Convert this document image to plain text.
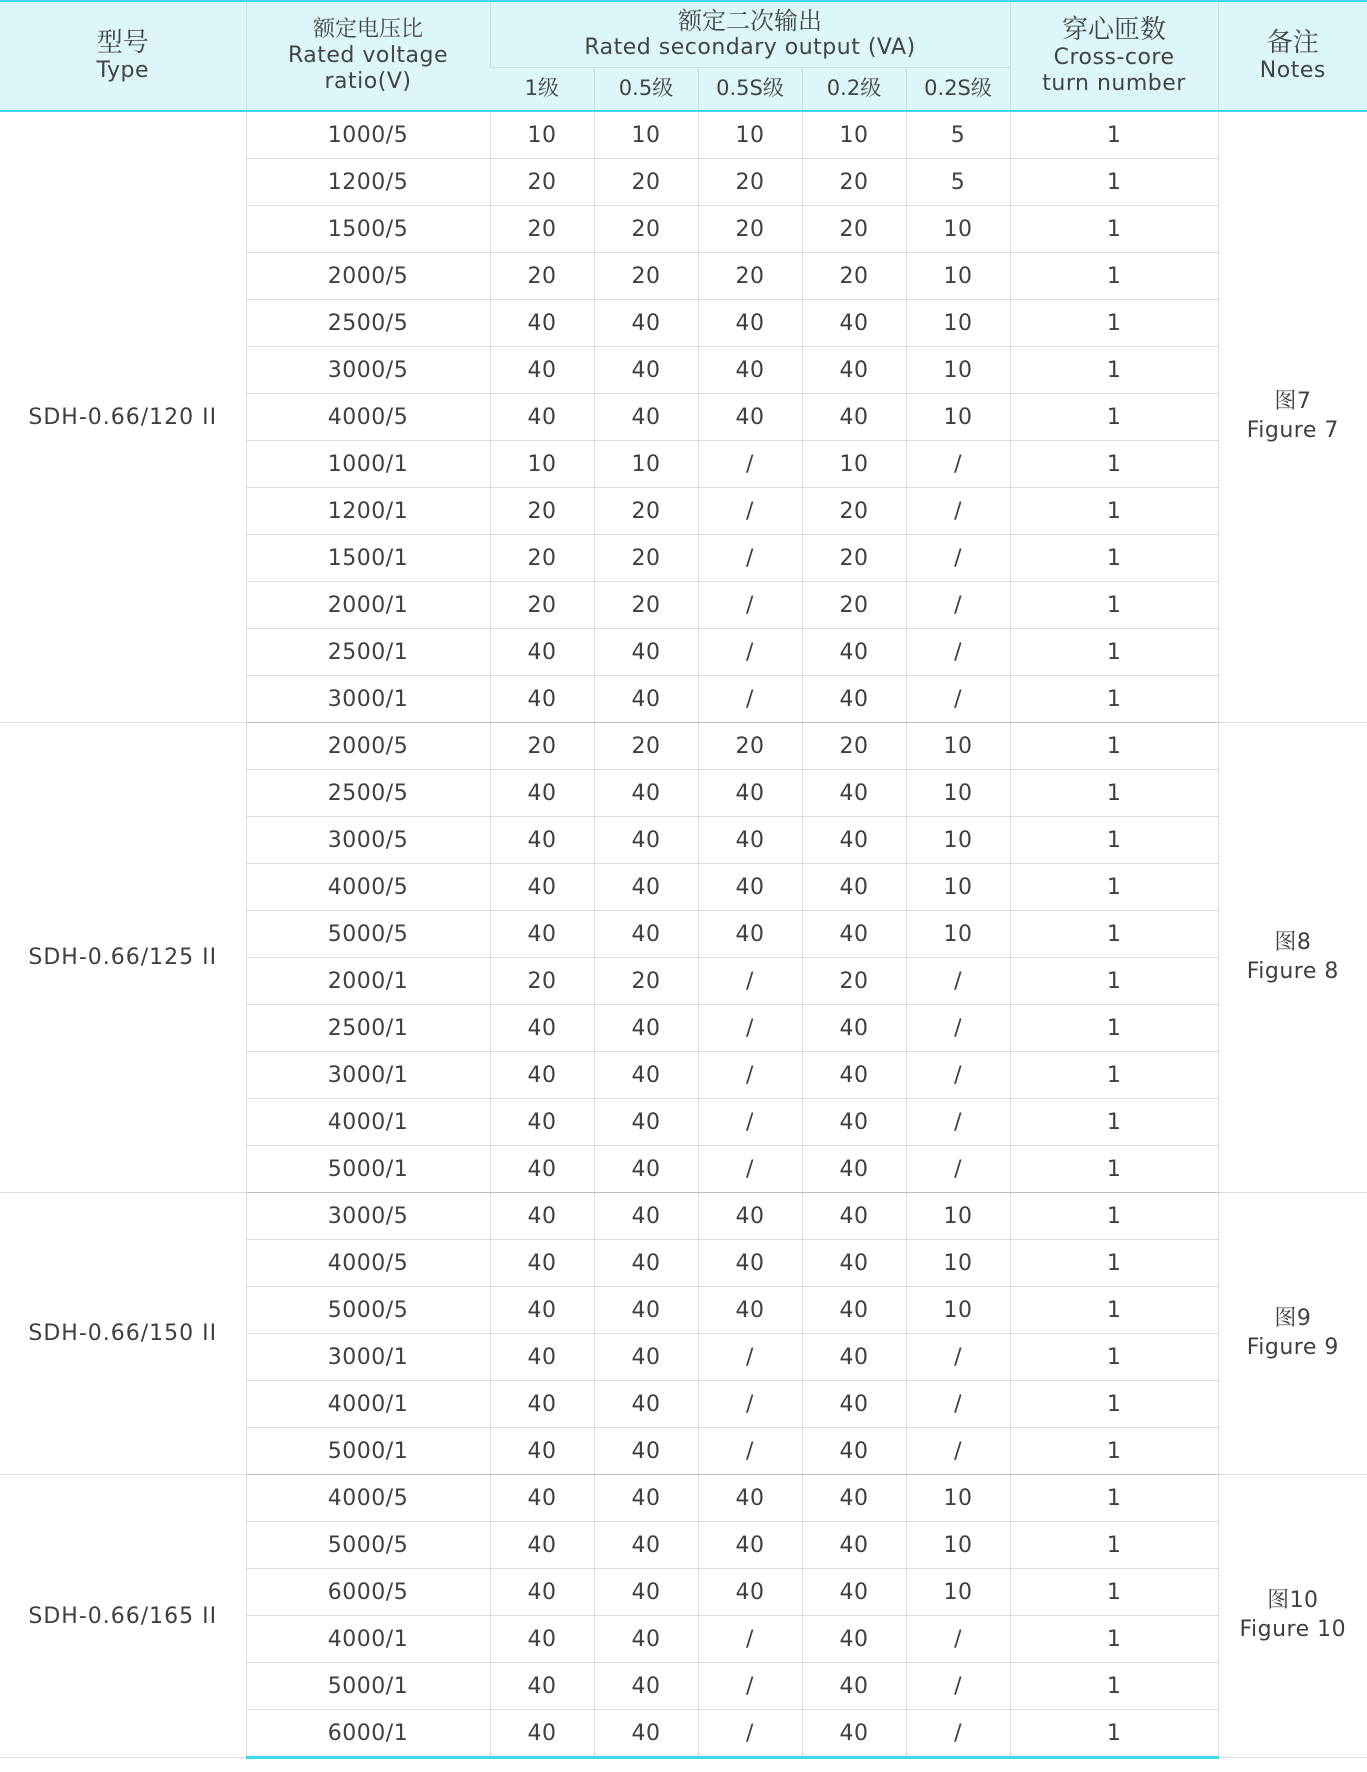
型号
Type	额定电压比
Rated voltage
ratio(V)	额定二次输出
Rated secondary output (VA)					穿心匝数
Cross-core
turn number	备注
Notes

		1级	0.5级	0.5S级	0.2级	0.2S级		
SDH-0.66/120 II	1000/5	10	10	10	10	5	1	图7
Figure 7

	1200/5	20	20	20	20	5	1	
	1500/5	20	20	20	20	10	1	
	2000/5	20	20	20	20	10	1	
	2500/5	40	40	40	40	10	1	
	3000/5	40	40	40	40	10	1	
	4000/5	40	40	40	40	10	1	
	1000/1	10	10	/	10	/	1	
	1200/1	20	20	/	20	/	1	
	1500/1	20	20	/	20	/	1	
	2000/1	20	20	/	20	/	1	
	2500/1	40	40	/	40	/	1	
	3000/1	40	40	/	40	/	1	
SDH-0.66/125 II	2000/5	20	20	20	20	10	1	图8
Figure 8

	2500/5	40	40	40	40	10	1	
	3000/5	40	40	40	40	10	1	
	4000/5	40	40	40	40	10	1	
	5000/5	40	40	40	40	10	1	
	2000/1	20	20	/	20	/	1	
	2500/1	40	40	/	40	/	1	
	3000/1	40	40	/	40	/	1	
	4000/1	40	40	/	40	/	1	
	5000/1	40	40	/	40	/	1	
SDH-0.66/150 II	3000/5	40	40	40	40	10	1	图9
Figure 9

	4000/5	40	40	40	40	10	1	
	5000/5	40	40	40	40	10	1	
	3000/1	40	40	/	40	/	1	
	4000/1	40	40	/	40	/	1	
	5000/1	40	40	/	40	/	1	
SDH-0.66/165 II	4000/5	40	40	40	40	10	1	图10
Figure 10

	5000/5	40	40	40	40	10	1	
	6000/5	40	40	40	40	10	1	
	4000/1	40	40	/	40	/	1	
	5000/1	40	40	/	40	/	1	
	6000/1	40	40	/	40	/	1	
